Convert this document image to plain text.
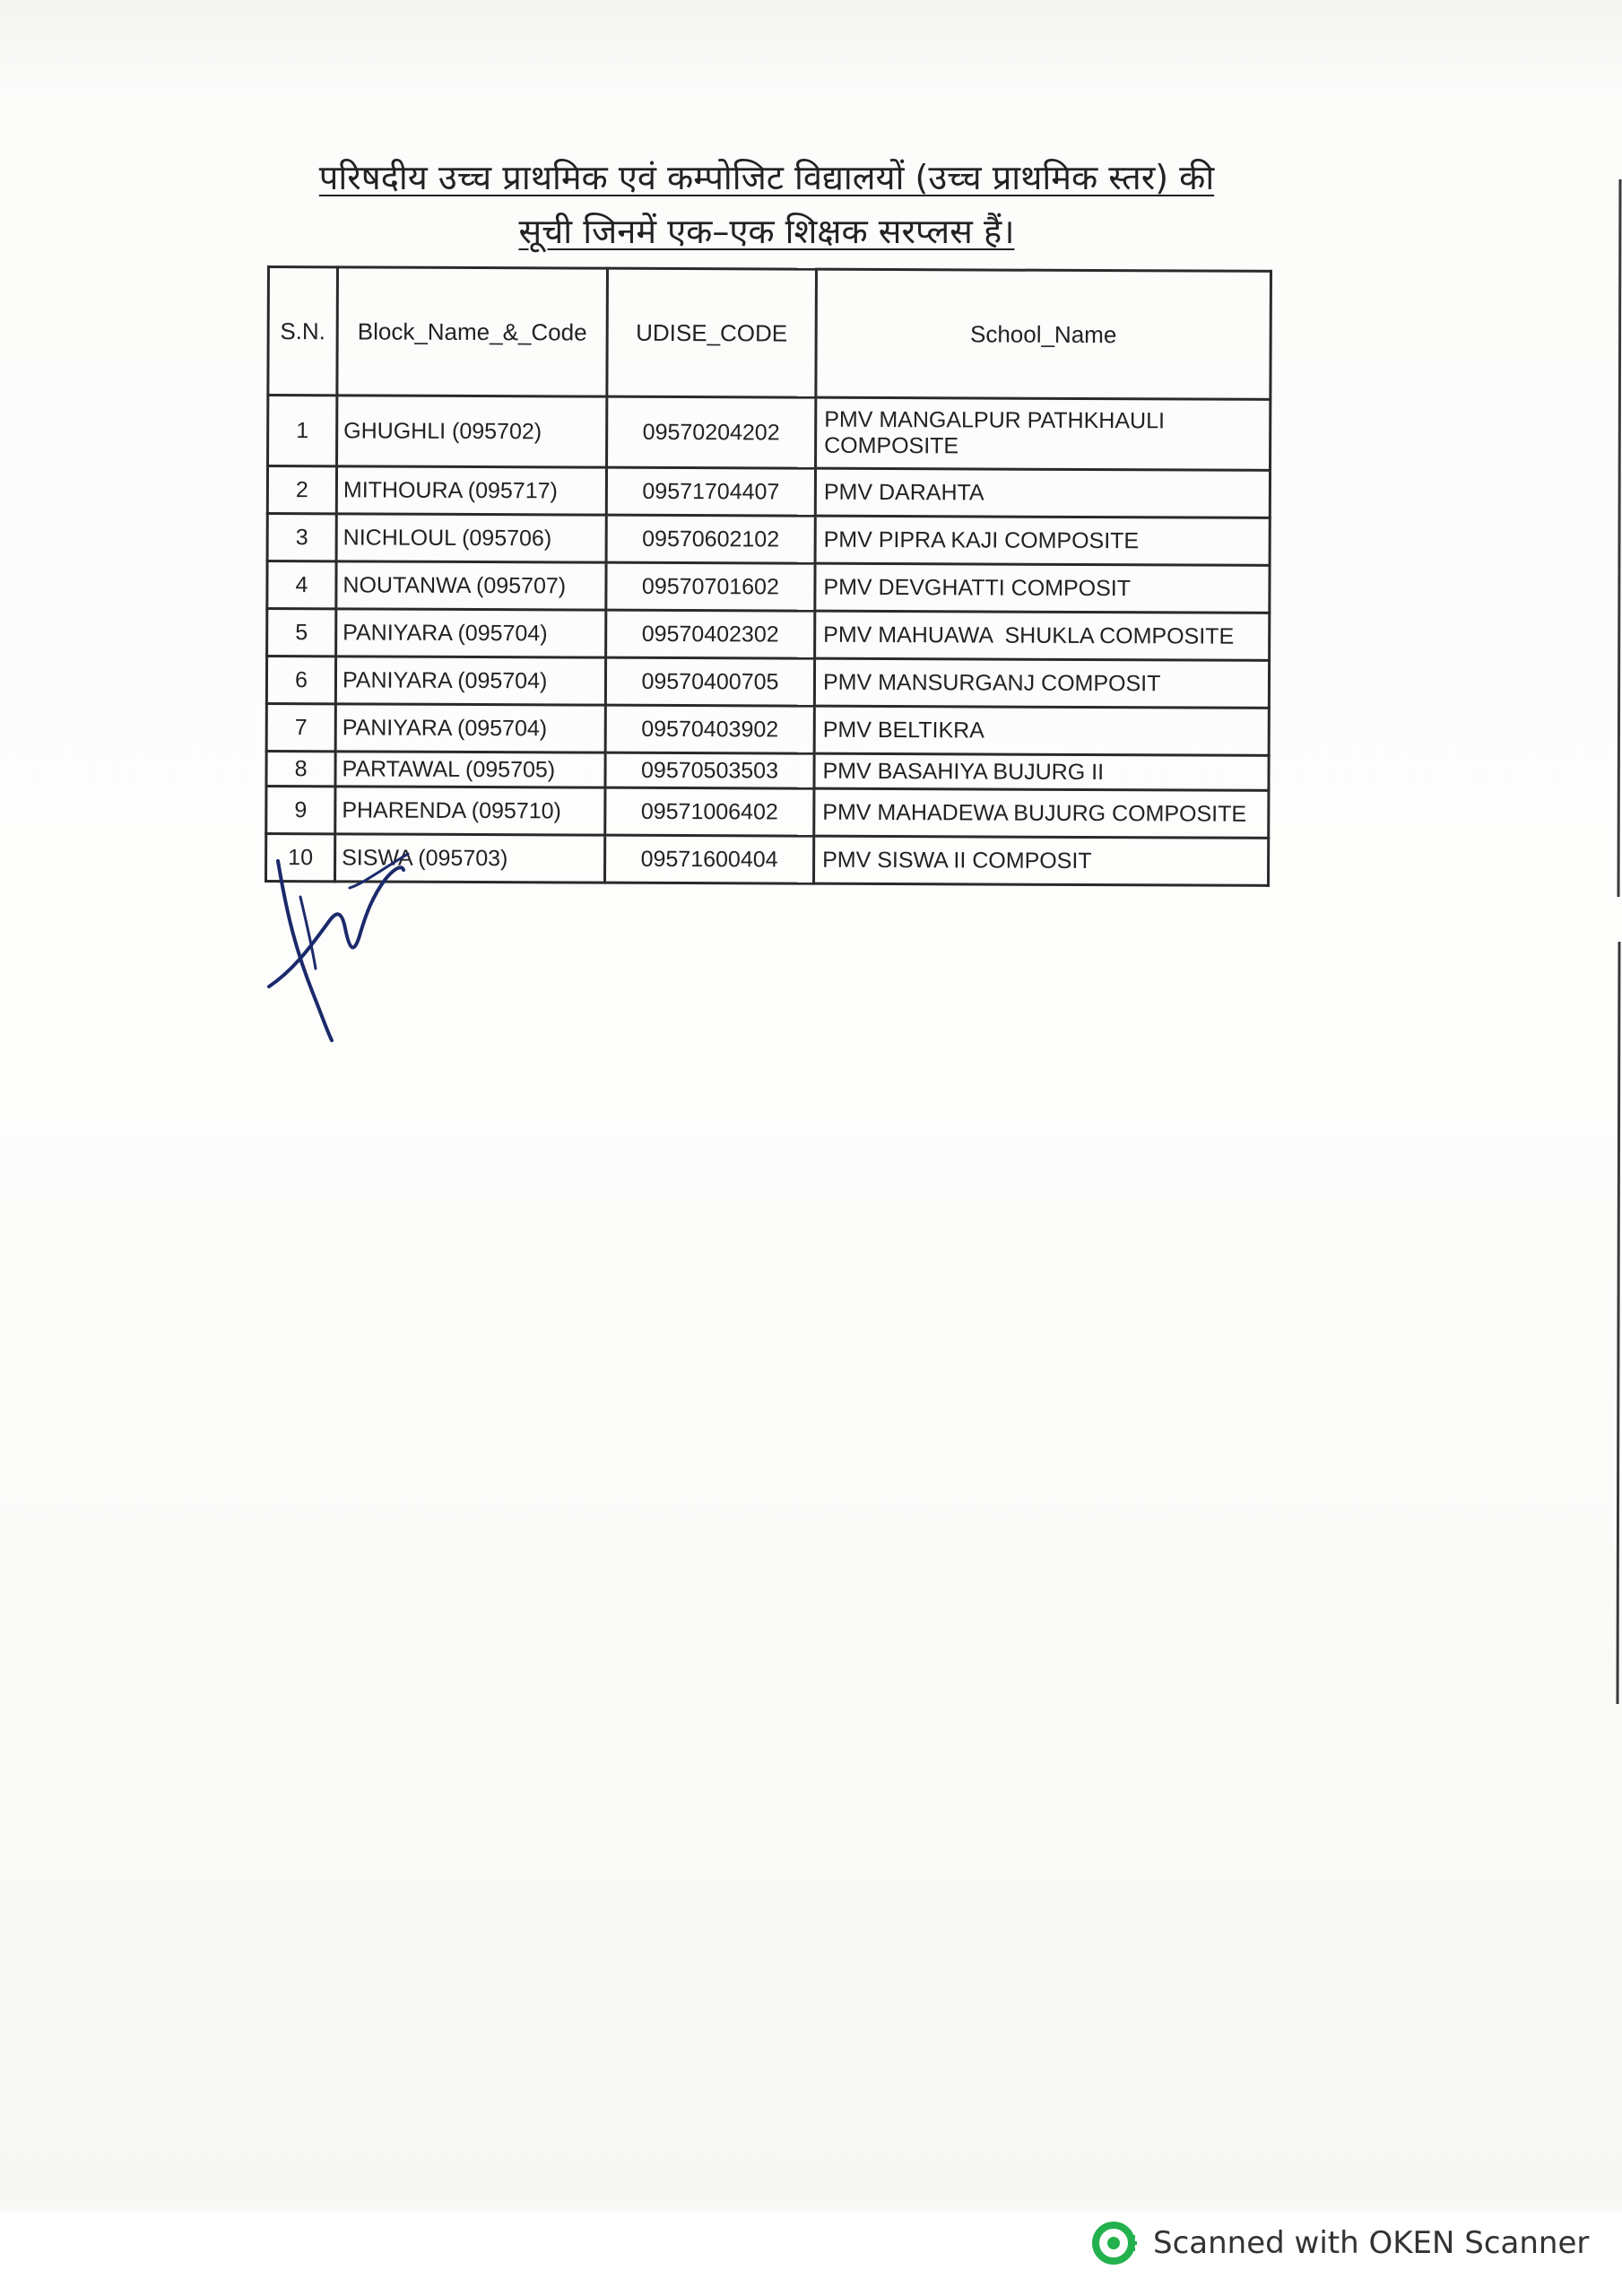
परिषदीय उच्च प्राथमिक एवं कम्पोजिट विद्यालयों (उच्च प्राथमिक स्तर) की
सूची जिनमें एक–एक शिक्षक सरप्लस हैं।
S.N.	Block_Name_&_Code	UDISE_CODE	School_Name
1	GHUGHLI (095702)	09570204202	PMV MANGALPUR PATHKHAULI COMPOSITE
2	MITHOURA (095717)	09571704407	PMV DARAHTA
3	NICHLOUL (095706)	09570602102	PMV PIPRA KAJI COMPOSITE
4	NOUTANWA (095707)	09570701602	PMV DEVGHATTI COMPOSIT
5	PANIYARA (095704)	09570402302	PMV MAHUAWA  SHUKLA COMPOSITE
6	PANIYARA (095704)	09570400705	PMV MANSURGANJ COMPOSIT
7	PANIYARA (095704)	09570403902	PMV BELTIKRA
8	PARTAWAL (095705)	09570503503	PMV BASAHIYA BUJURG II
9	PHARENDA (095710)	09571006402	PMV MAHADEWA BUJURG COMPOSITE
10	SISWA (095703)	09571600404	PMV SISWA II COMPOSIT
Scanned with OKEN Scanner
